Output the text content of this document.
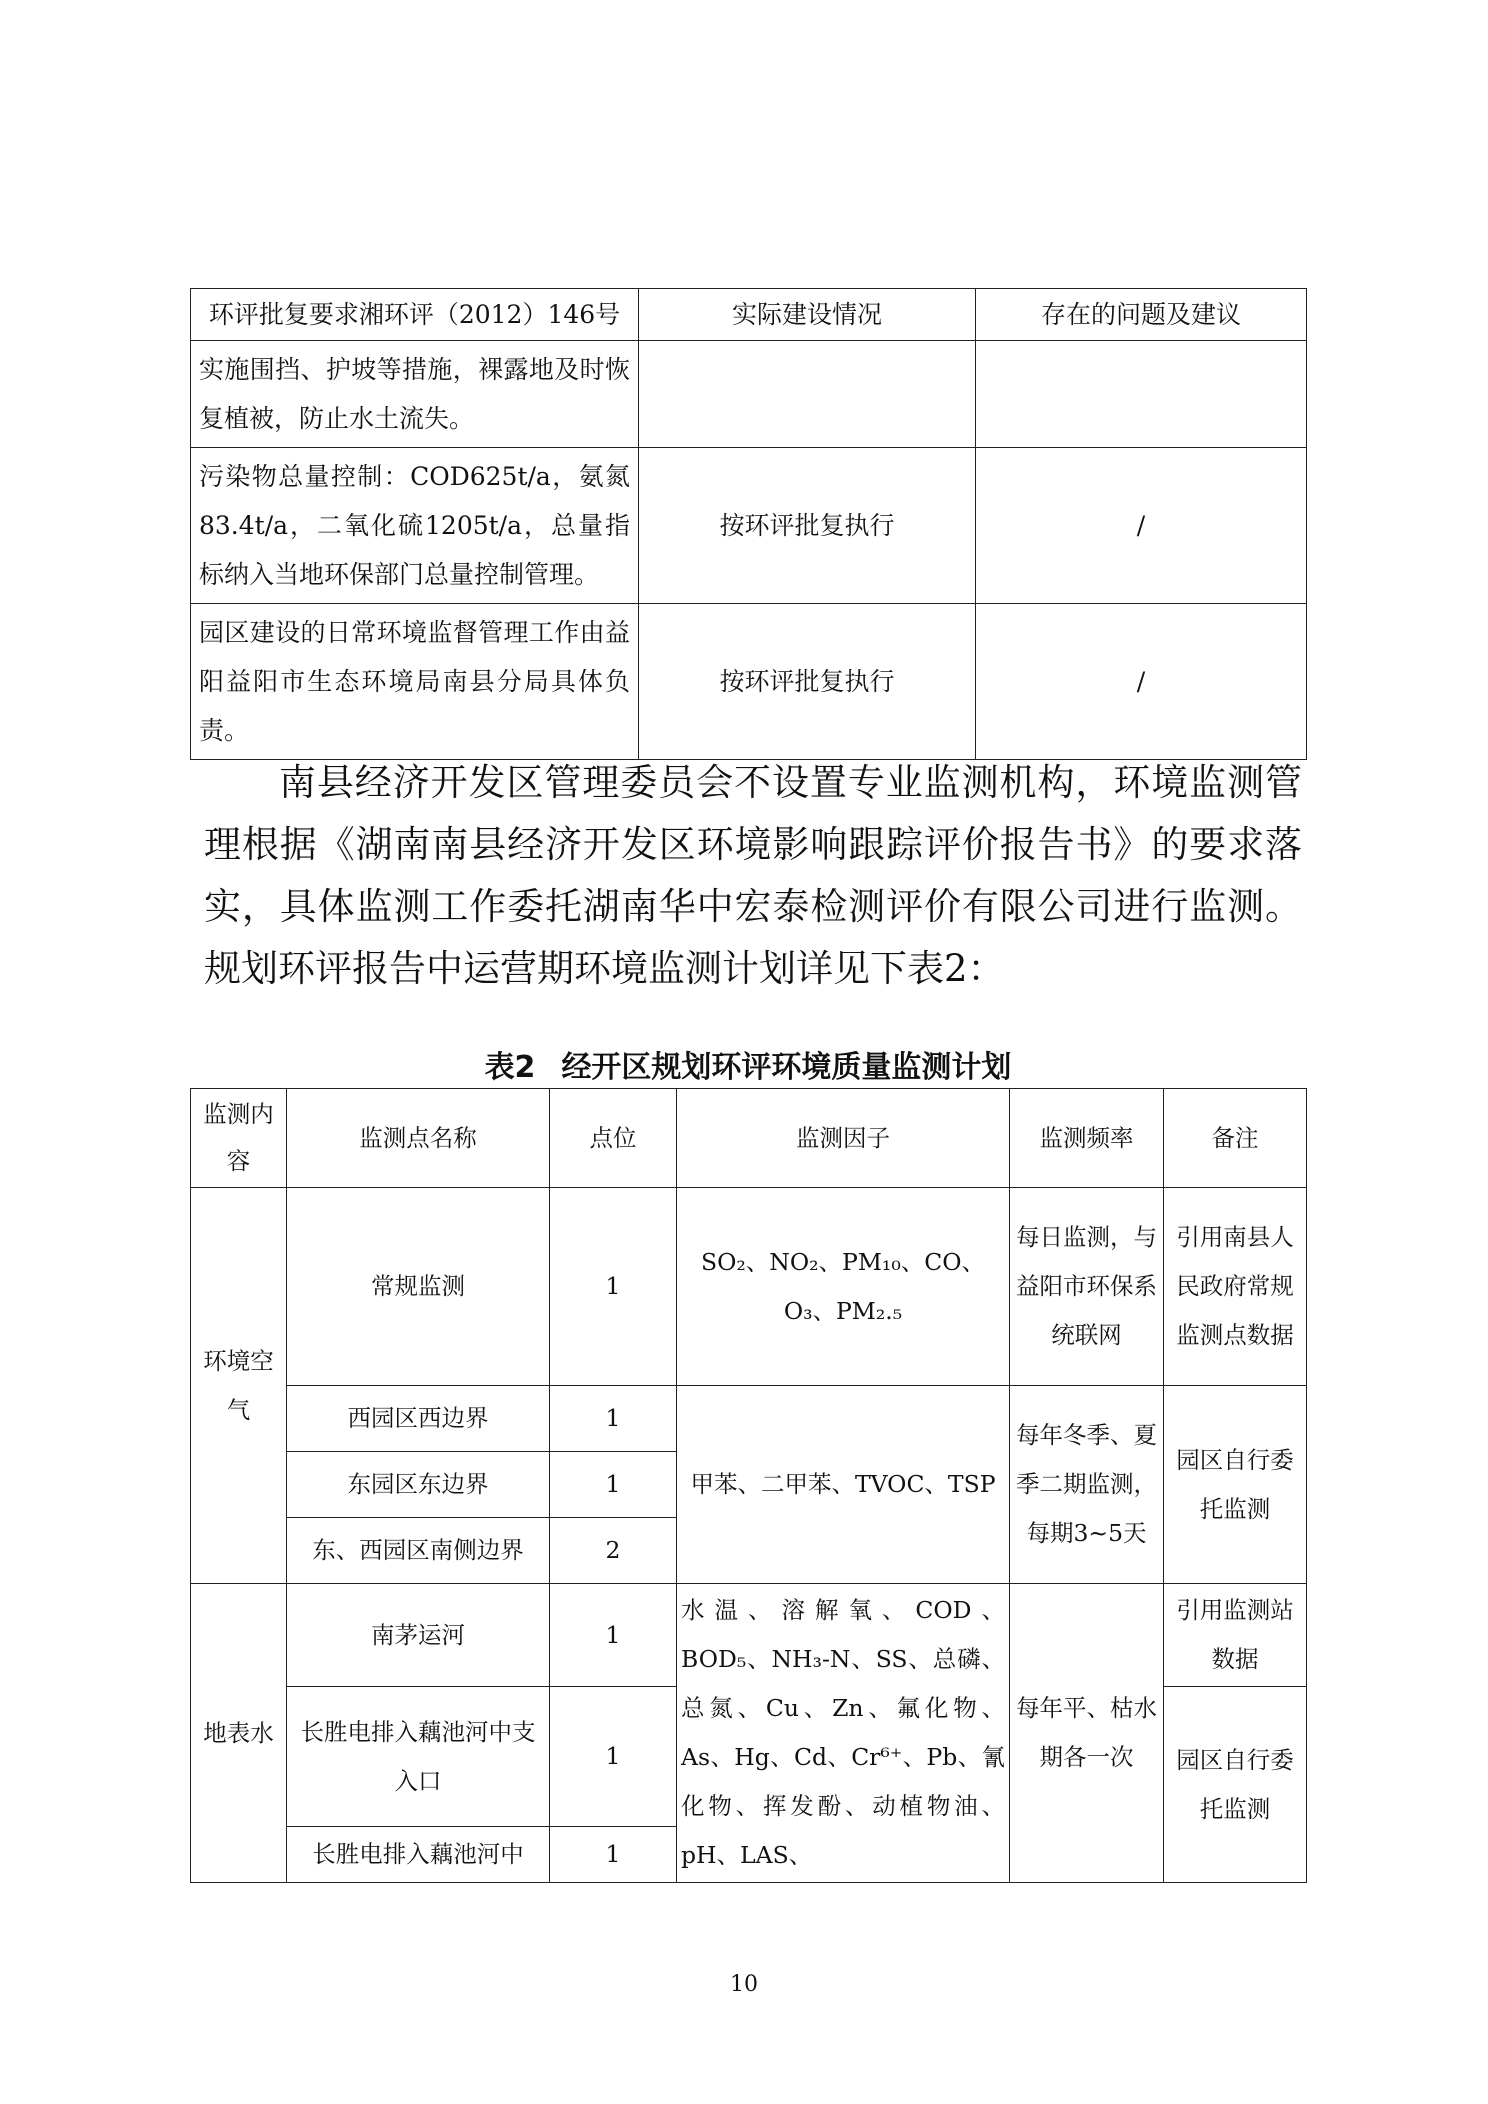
环评批复要求湘环评（2012）146号	实际建设情况	存在的问题及建议
实施围挡、护坡等措施，裸露地及时恢复植被，防止水土流失。		
污染物总量控制：COD625t/a，氨氮83.4t/a，二氧化硫1205t/a，总量指标纳入当地环保部门总量控制管理。	按环评批复执行	/
园区建设的日常环境监督管理工作由益阳益阳市生态环境局南县分局具体负责。	按环评批复执行	/

南县经济开发区管理委员会不设置专业监测机构，环境监测管理根据《湖南南县经济开发区环境影响跟踪评价报告书》的要求落实，具体监测工作委托湖南华中宏泰检测评价有限公司进行监测。规划环评报告中运营期环境监测计划详见下表2：

表2 经开区规划环评环境质量监测计划

监测内容	监测点名称	点位	监测因子	监测频率	备注
环境空气	常规监测	1	SO₂、NO₂、PM₁₀、CO、O₃、PM₂.₅	每日监测，与益阳市环保系统联网	引用南县人民政府常规监测点数据
	西园区西边界	1	甲苯、二甲苯、TVOC、TSP	每年冬季、夏季二期监测，每期3~5天	园区自行委托监测
	东园区东边界	1			
	东、西园区南侧边界	2			
地表水	南茅运河	1	水温、溶解氧、COD、BOD₅、NH₃-N、SS、总磷、总氮、Cu、Zn、氟化物、As、Hg、Cd、Cr⁶⁺、Pb、氰化物、挥发酚、动植物油、pH、LAS、	每年平、枯水期各一次	引用监测站数据
	长胜电排入藕池河中支入口	1			园区自行委托监测
	长胜电排入藕池河中	1			
10
